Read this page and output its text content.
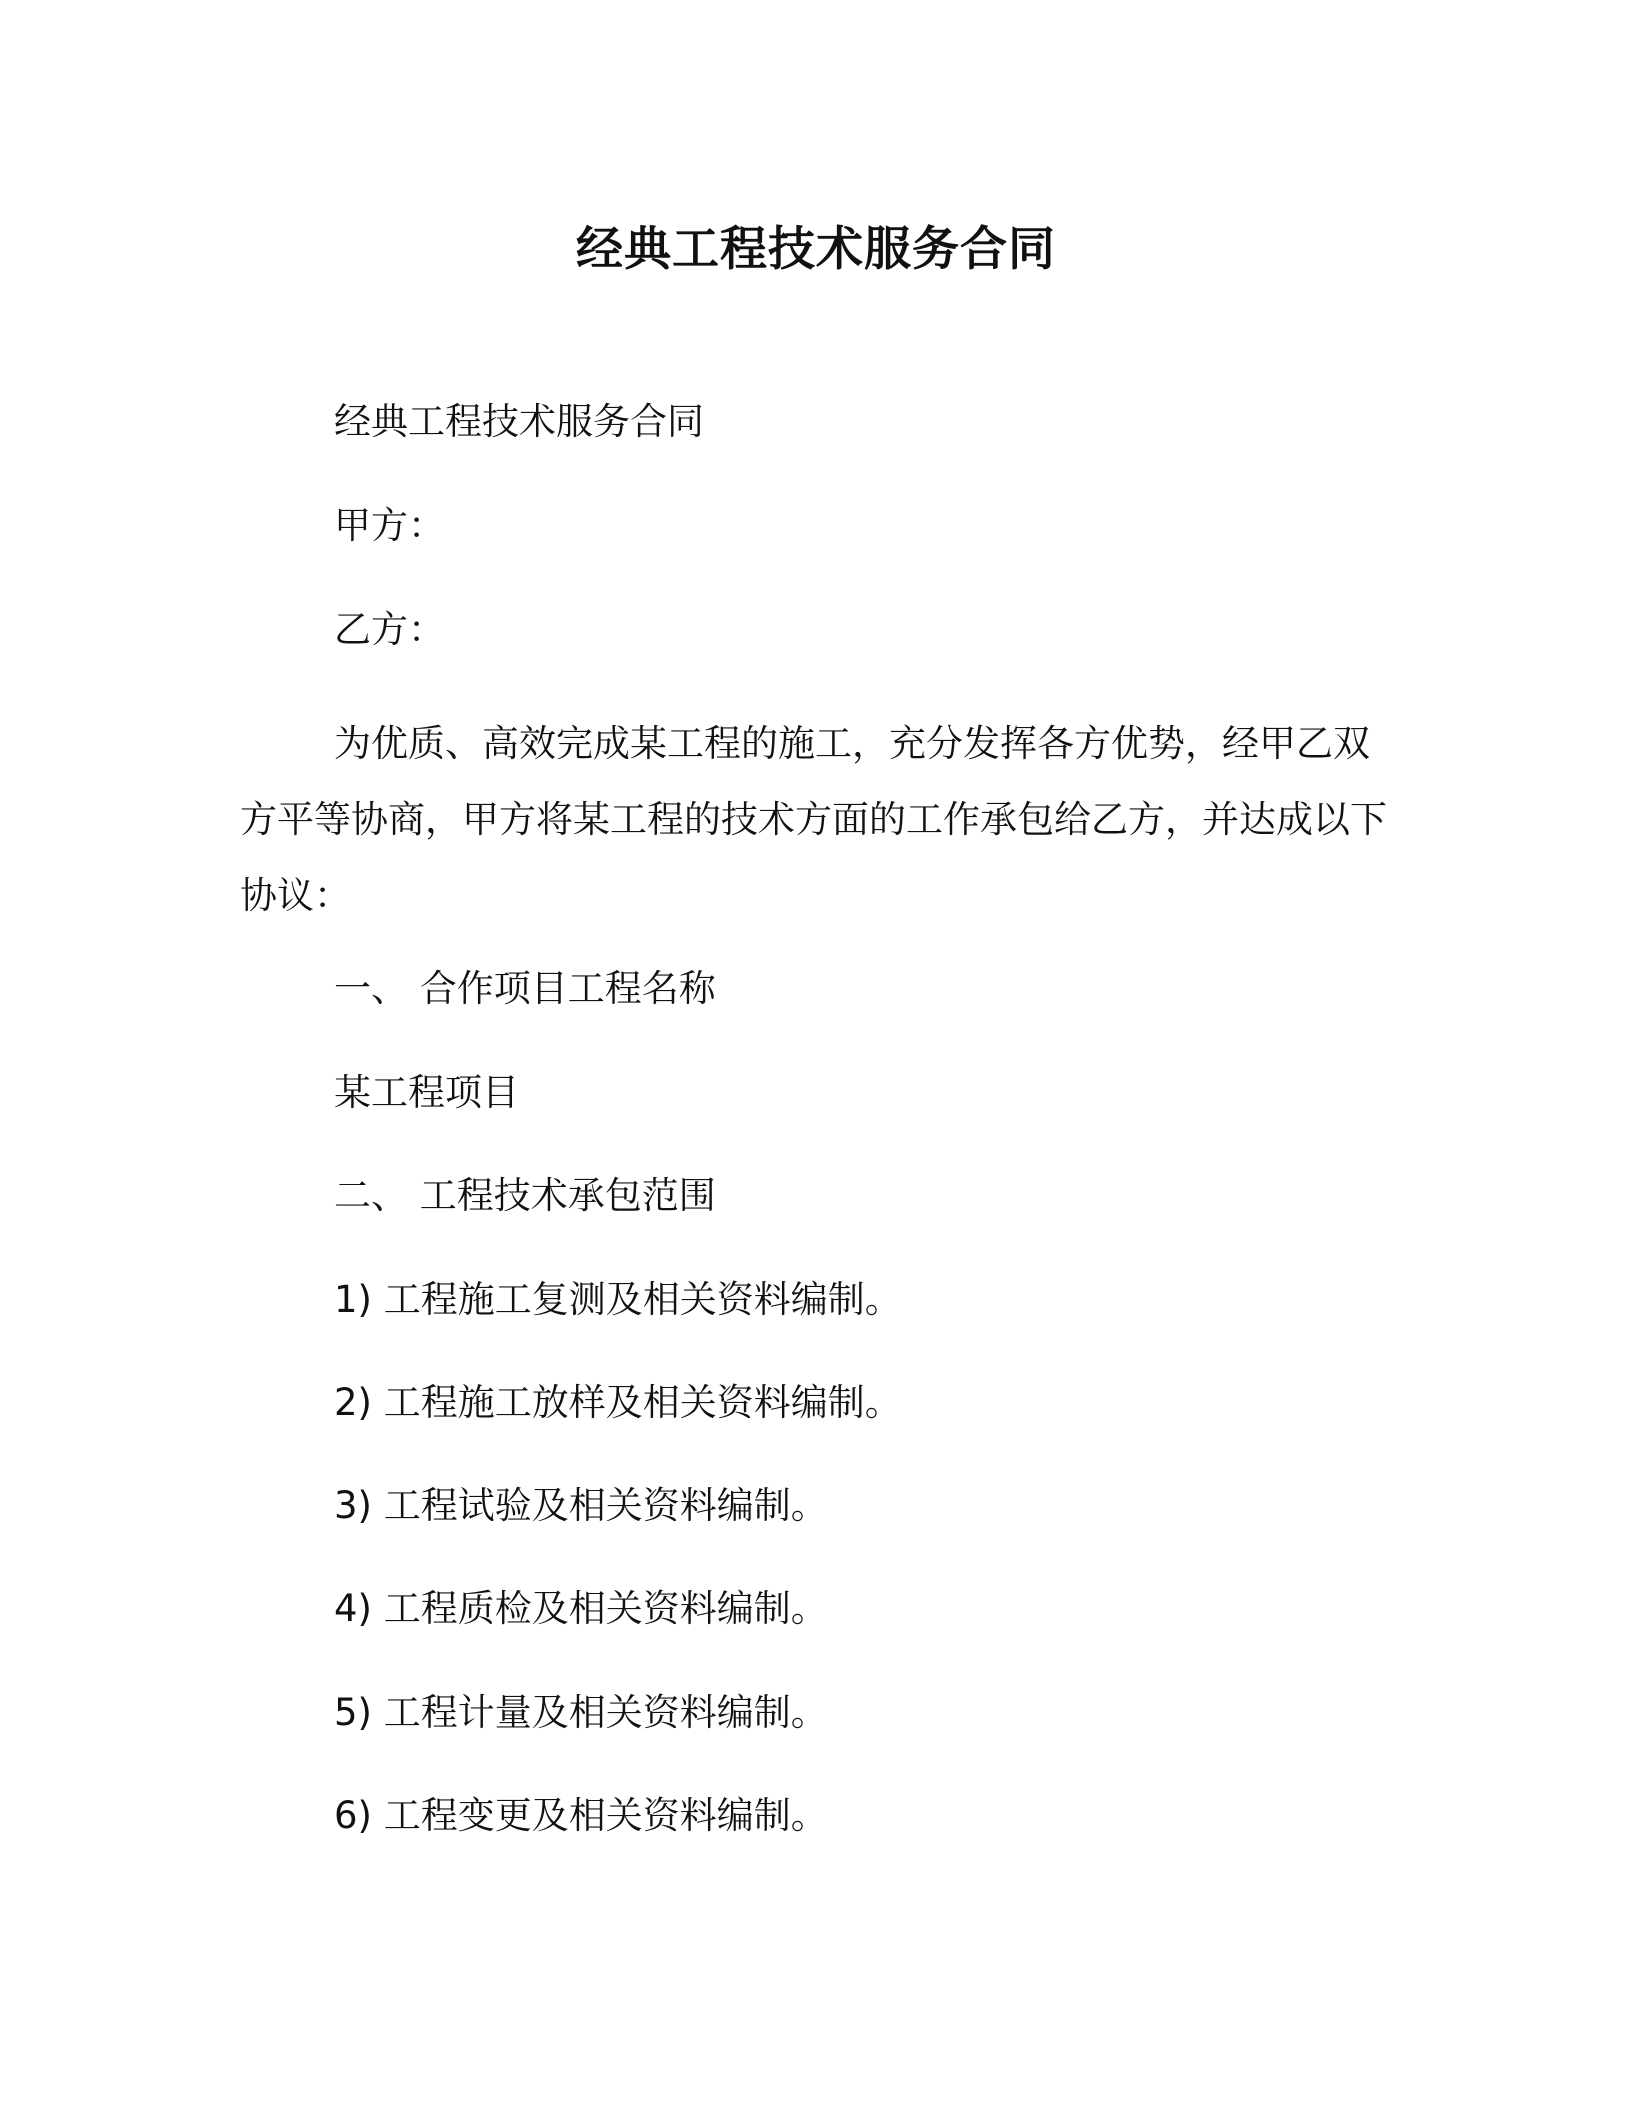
经典工程技术服务合同
经典工程技术服务合同
甲方：
乙方：
为优质、高效完成某工程的施工，充分发挥各方优势，经甲乙双方平等协商，甲方将某工程的技术方面的工作承包给乙方，并达成以下协议：
一、 合作项目工程名称
某工程项目
二、 工程技术承包范围
1) 工程施工复测及相关资料编制。
2) 工程施工放样及相关资料编制。
3) 工程试验及相关资料编制。
4) 工程质检及相关资料编制。
5) 工程计量及相关资料编制。
6) 工程变更及相关资料编制。
